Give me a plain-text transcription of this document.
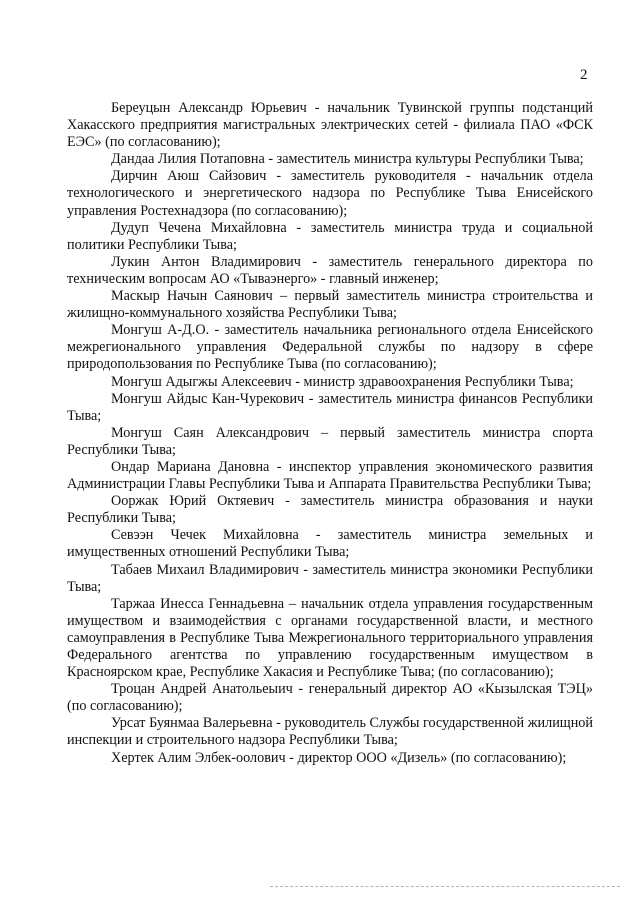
2

Береуцын Александр Юрьевич - начальник Тувинской группы подстанций Хакасского предприятия магистральных электрических сетей - филиала ПАО «ФСК ЕЭС» (по согласованию);

Дандаа Лилия Потаповна - заместитель министра культуры Республики Тыва;

Дирчин Аюш Сайзович - заместитель руководителя - начальник отдела технологического и энергетического надзора по Республике Тыва Енисейского управления Ростехнадзора (по согласованию);

Дудуп Чечена Михайловна - заместитель министра труда и социальной политики Республики Тыва;

Лукин Антон Владимирович - заместитель генерального директора по техническим вопросам АО «Тываэнерго» - главный инженер;

Маскыр Начын Саянович – первый заместитель министра строительства и жилищно-коммунального хозяйства Республики Тыва;

Монгуш А-Д.О. - заместитель начальника регионального отдела Енисейского межрегионального управления Федеральной службы по надзору в сфере природопользования по Республике Тыва (по согласованию);

Монгуш Адыгжы Алексеевич - министр здравоохранения Республики Тыва;

Монгуш Айдыс Кан-Чурекович - заместитель министра финансов Республики Тыва;

Монгуш Саян Александрович – первый заместитель министра спорта Республики Тыва;

Ондар Мариана Дановна - инспектор управления экономического развития Администрации Главы Республики Тыва и Аппарата Правительства Республики Тыва;

Ооржак Юрий Октяевич - заместитель министра образования и науки Республики Тыва;

Севээн Чечек Михайловна - заместитель министра земельных и имущественных отношений Республики Тыва;

Табаев Михаил Владимирович - заместитель министра экономики Республики Тыва;

Таржаа Инесса Геннадьевна – начальник отдела управления государственным имуществом и взаимодействия с органами государственной власти, и местного самоуправления в Республике Тыва Межрегионального территориального управления Федерального агентства по управлению государственным имуществом в Красноярском крае, Республике Хакасия и Республике Тыва; (по согласованию);

Троцан Андрей Анатольеыич - генеральный директор АО «Кызылская ТЭЦ» (по согласованию);

Урсат Буянмаа Валерьевна - руководитель Службы государственной жилищной инспекции и строительного надзора Республики Тыва;

Хертек Алим Элбек-оолович - директор ООО «Дизель» (по согласованию);
